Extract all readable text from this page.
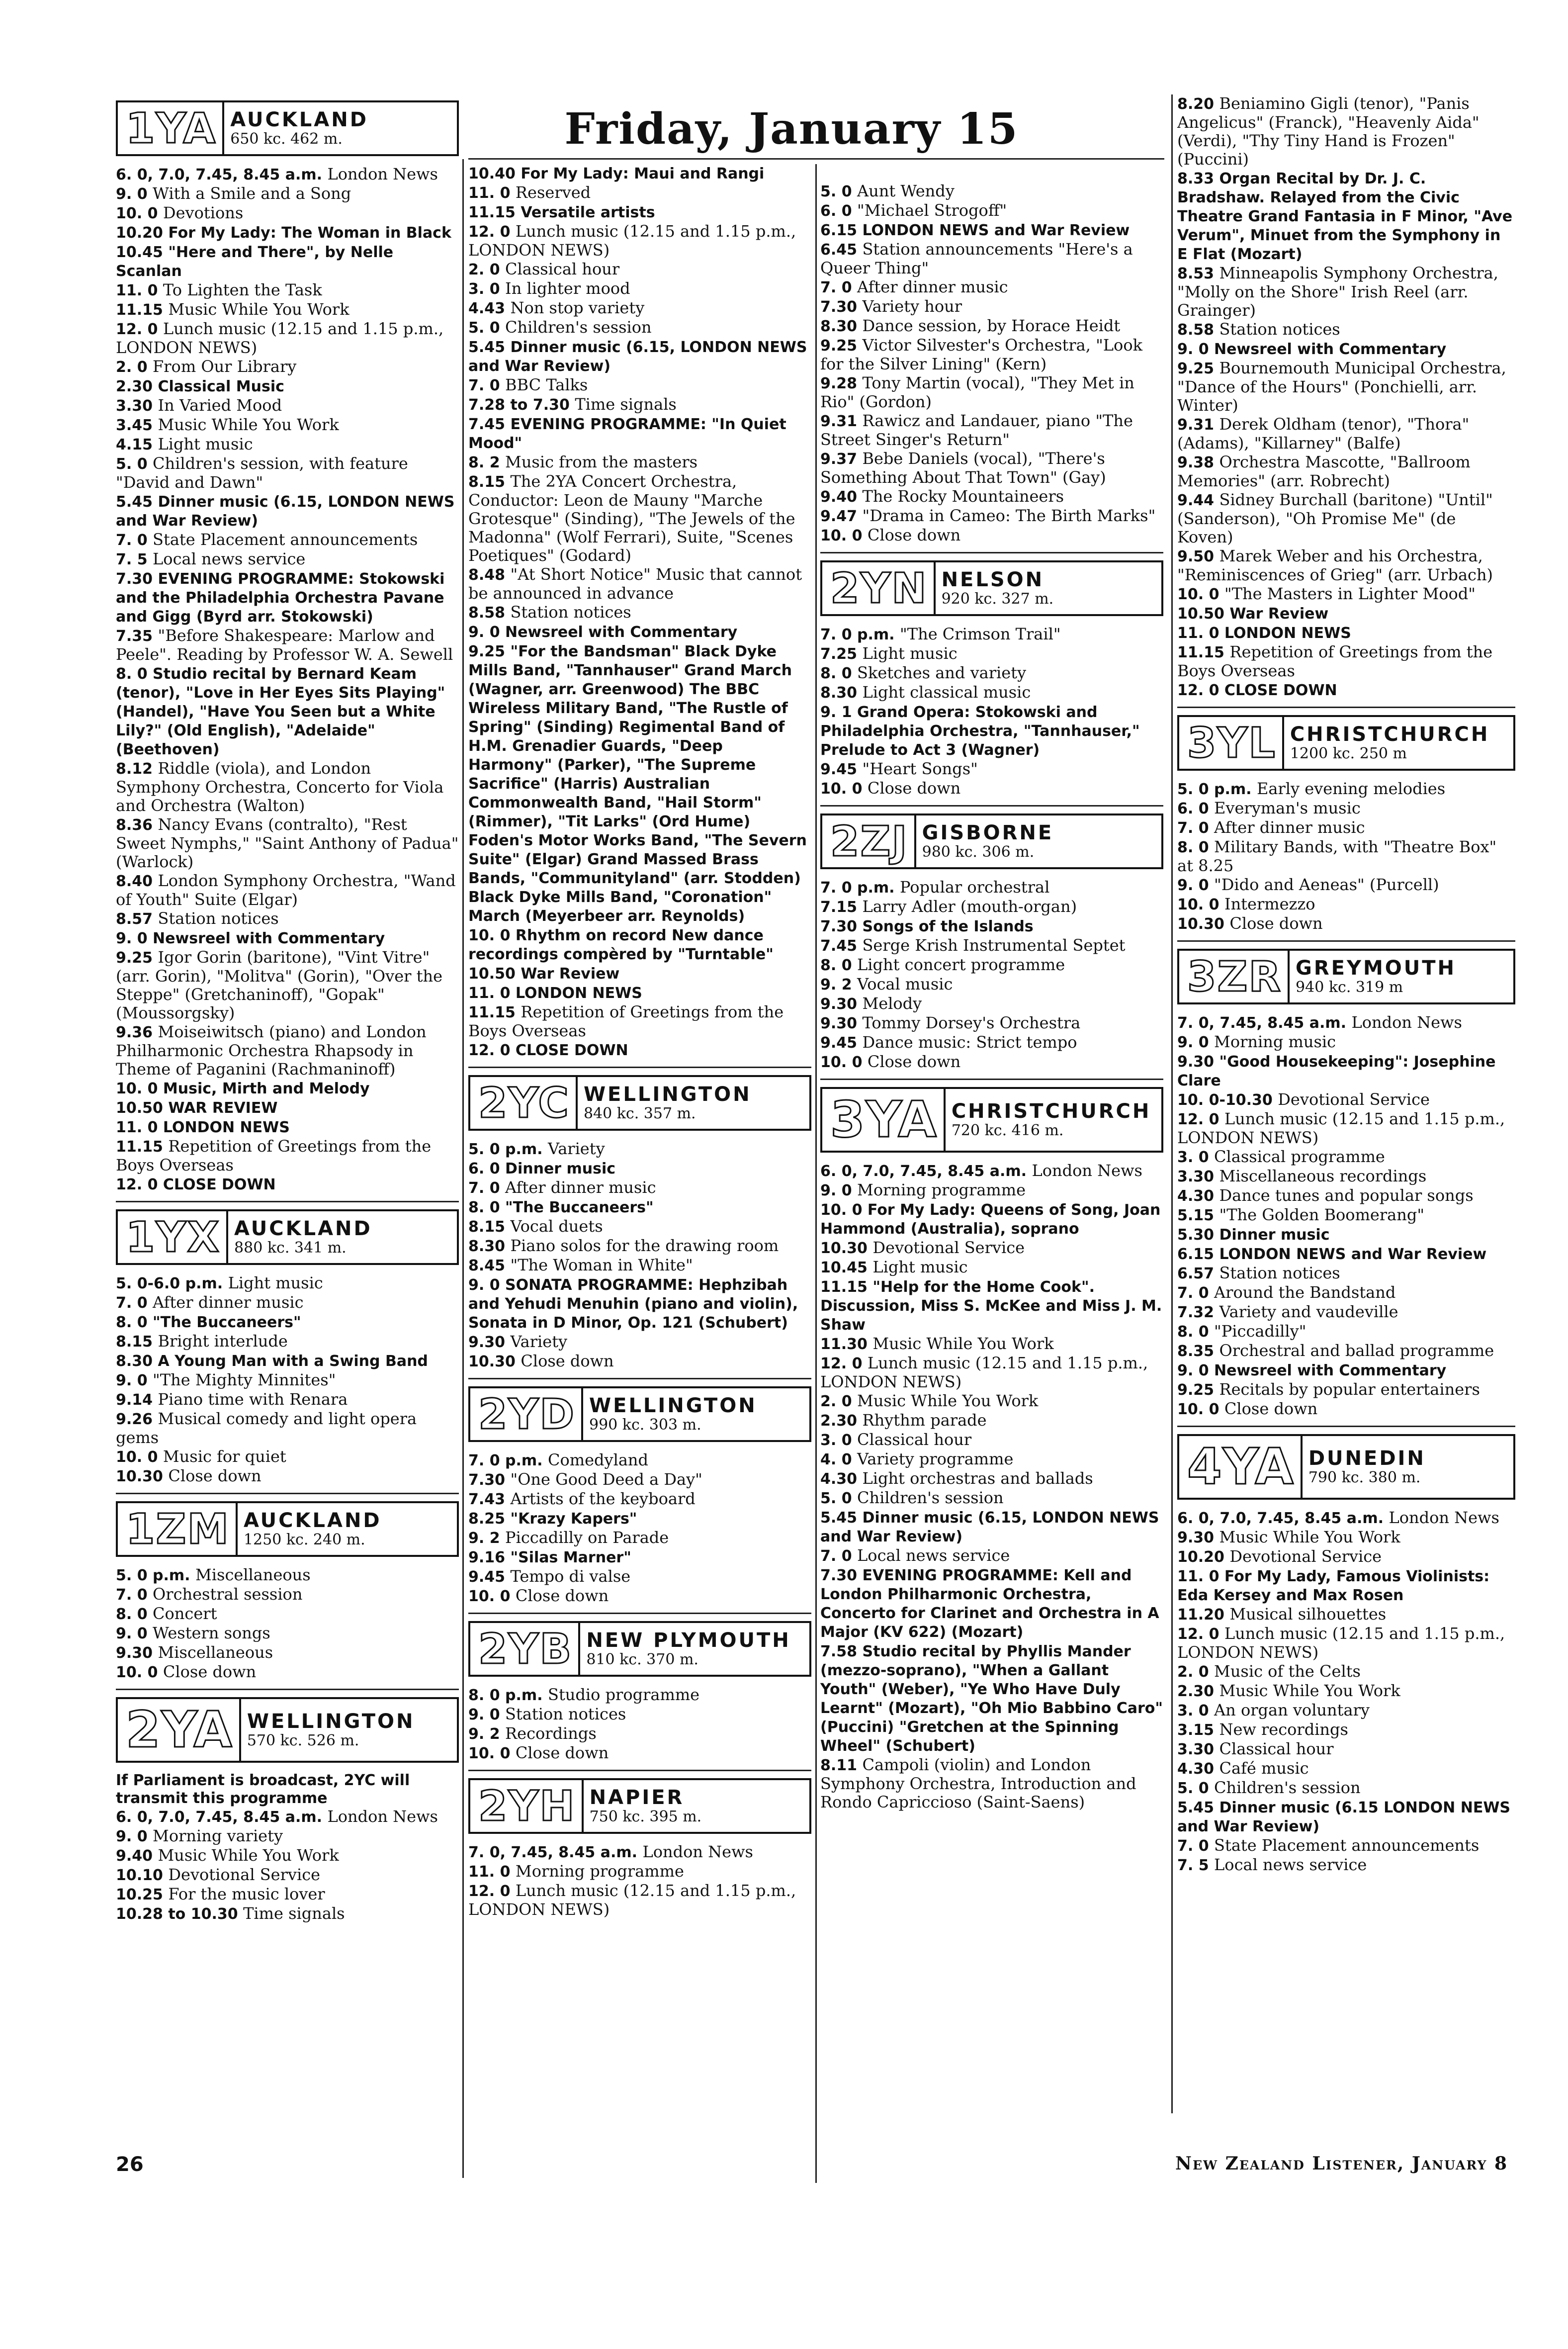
Friday, January 15
1YA AUCKLAND
650 kc. 462 m.
6. 0, 7.0, 7.45, 8.45 a.m. London News
9. 0 With a Smile and a Song
10. 0 Devotions
10.20 For My Lady: The Woman in Black
10.45 "Here and There", by Nelle Scanlan
11. 0 To Lighten the Task
11.15 Music While You Work
12. 0 Lunch music (12.15 and 1.15 p.m., LONDON NEWS)
2. 0 From Our Library
2.30 Classical Music
3.30 In Varied Mood
3.45 Music While You Work
4.15 Light music
5. 0 Children's session, with feature "David and Dawn"
5.45 Dinner music (6.15, LONDON NEWS and War Review)
7. 0 State Placement announcements
7. 5 Local news service
7.30 EVENING PROGRAMME: Stokowski and the Philadelphia Orchestra Pavane and Gigg (Byrd arr. Stokowski)
7.35 "Before Shakespeare: Marlow and Peele". Reading by Professor W. A. Sewell
8. 0 Studio recital by Bernard Keam (tenor), "Love in Her Eyes Sits Playing" (Handel), "Have You Seen but a White Lily?" (Old English), "Adelaide" (Beethoven)
8.12 Riddle (viola), and London Symphony Orchestra, Concerto for Viola and Orchestra (Walton)
8.36 Nancy Evans (contralto), "Rest Sweet Nymphs," "Saint Anthony of Padua" (Warlock)
8.40 London Symphony Orchestra, "Wand of Youth" Suite (Elgar)
8.57 Station notices
9. 0 Newsreel with Commentary
9.25 Igor Gorin (baritone), "Vint Vitre" (arr. Gorin), "Molitva" (Gorin), "Over the Steppe" (Gretchaninoff), "Gopak" (Moussorgsky)
9.36 Moiseiwitsch (piano) and London Philharmonic Orchestra Rhapsody in Theme of Paganini (Rachmaninoff)
10. 0 Music, Mirth and Melody
10.50 WAR REVIEW
11. 0 LONDON NEWS
11.15 Repetition of Greetings from the Boys Overseas
12. 0 CLOSE DOWN
1YX AUCKLAND
880 kc. 341 m.
5. 0-6.0 p.m. Light music
7. 0 After dinner music
8. 0 "The Buccaneers"
8.15 Bright interlude
8.30 A Young Man with a Swing Band
9. 0 "The Mighty Minnites"
9.14 Piano time with Renara
9.26 Musical comedy and light opera gems
10. 0 Music for quiet
10.30 Close down
1ZM AUCKLAND
1250 kc. 240 m.
5. 0 p.m. Miscellaneous
7. 0 Orchestral session
8. 0 Concert
9. 0 Western songs
9.30 Miscellaneous
10. 0 Close down
2YA WELLINGTON
570 kc. 526 m.
If Parliament is broadcast, 2YC will transmit this programme
6. 0, 7.0, 7.45, 8.45 a.m. London News
9. 0 Morning variety
9.40 Music While You Work
10.10 Devotional Service
10.25 For the music lover
10.28 to 10.30 Time signals
10.40 For My Lady: Maui and Rangi
11. 0 Reserved
11.15 Versatile artists
12. 0 Lunch music (12.15 and 1.15 p.m., LONDON NEWS)
2. 0 Classical hour
3. 0 In lighter mood
4.43 Non stop variety
5. 0 Children's session
5.45 Dinner music (6.15, LONDON NEWS and War Review)
7. 0 BBC Talks
7.28 to 7.30 Time signals
7.45 EVENING PROGRAMME: "In Quiet Mood"
8. 2 Music from the masters
8.15 The 2YA Concert Orchestra, Conductor: Leon de Mauny "Marche Grotesque" (Sinding), "The Jewels of the Madonna" (Wolf Ferrari), Suite, "Scenes Poetiques" (Godard)
8.48 "At Short Notice" Music that cannot be announced in advance
8.58 Station notices
9. 0 Newsreel with Commentary
9.25 "For the Bandsman" Black Dyke Mills Band, "Tannhauser" Grand March (Wagner, arr. Greenwood) The BBC Wireless Military Band, "The Rustle of Spring" (Sinding) Regimental Band of H.M. Grenadier Guards, "Deep Harmony" (Parker), "The Supreme Sacrifice" (Harris) Australian Commonwealth Band, "Hail Storm" (Rimmer), "Tit Larks" (Ord Hume) Foden's Motor Works Band, "The Severn Suite" (Elgar) Grand Massed Brass Bands, "Communityland" (arr. Stodden) Black Dyke Mills Band, "Coronation" March (Meyerbeer arr. Reynolds)
10. 0 Rhythm on record New dance recordings compèred by "Turntable"
10.50 War Review
11. 0 LONDON NEWS
11.15 Repetition of Greetings from the Boys Overseas
12. 0 CLOSE DOWN
2YC WELLINGTON
840 kc. 357 m.
5. 0 p.m. Variety
6. 0 Dinner music
7. 0 After dinner music
8. 0 "The Buccaneers"
8.15 Vocal duets
8.30 Piano solos for the drawing room
8.45 "The Woman in White"
9. 0 SONATA PROGRAMME: Hephzibah and Yehudi Menuhin (piano and violin), Sonata in D Minor, Op. 121 (Schubert)
9.30 Variety
10.30 Close down
2YD WELLINGTON
990 kc. 303 m.
7. 0 p.m. Comedyland
7.30 "One Good Deed a Day"
7.43 Artists of the keyboard
8.25 "Krazy Kapers"
9. 2 Piccadilly on Parade
9.16 "Silas Marner"
9.45 Tempo di valse
10. 0 Close down
2YB NEW PLYMOUTH
810 kc. 370 m.
8. 0 p.m. Studio programme
9. 0 Station notices
9. 2 Recordings
10. 0 Close down
2YH NAPIER
750 kc. 395 m.
7. 0, 7.45, 8.45 a.m. London News
11. 0 Morning programme
12. 0 Lunch music (12.15 and 1.15 p.m., LONDON NEWS)
5. 0 Aunt Wendy
6. 0 "Michael Strogoff"
6.15 LONDON NEWS and War Review
6.45 Station announcements "Here's a Queer Thing"
7. 0 After dinner music
7.30 Variety hour
8.30 Dance session, by Horace Heidt
9.25 Victor Silvester's Orchestra, "Look for the Silver Lining" (Kern)
9.28 Tony Martin (vocal), "They Met in Rio" (Gordon)
9.31 Rawicz and Landauer, piano "The Street Singer's Return"
9.37 Bebe Daniels (vocal), "There's Something About That Town" (Gay)
9.40 The Rocky Mountaineers
9.47 "Drama in Cameo: The Birth Marks"
10. 0 Close down
2YN NELSON
920 kc. 327 m.
7. 0 p.m. "The Crimson Trail"
7.25 Light music
8. 0 Sketches and variety
8.30 Light classical music
9. 1 Grand Opera: Stokowski and Philadelphia Orchestra, "Tannhauser," Prelude to Act 3 (Wagner)
9.45 "Heart Songs"
10. 0 Close down
2ZJ GISBORNE
980 kc. 306 m.
7. 0 p.m. Popular orchestral
7.15 Larry Adler (mouth-organ)
7.30 Songs of the Islands
7.45 Serge Krish Instrumental Septet
8. 0 Light concert programme
9. 2 Vocal music
9.30 Melody
9.30 Tommy Dorsey's Orchestra
9.45 Dance music: Strict tempo
10. 0 Close down
3YA CHRISTCHURCH
720 kc. 416 m.
6. 0, 7.0, 7.45, 8.45 a.m. London News
9. 0 Morning programme
10. 0 For My Lady: Queens of Song, Joan Hammond (Australia), soprano
10.30 Devotional Service
10.45 Light music
11.15 "Help for the Home Cook". Discussion, Miss S. McKee and Miss J. M. Shaw
11.30 Music While You Work
12. 0 Lunch music (12.15 and 1.15 p.m., LONDON NEWS)
2. 0 Music While You Work
2.30 Rhythm parade
3. 0 Classical hour
4. 0 Variety programme
4.30 Light orchestras and ballads
5. 0 Children's session
5.45 Dinner music (6.15, LONDON NEWS and War Review)
7. 0 Local news service
7.30 EVENING PROGRAMME: Kell and London Philharmonic Orchestra, Concerto for Clarinet and Orchestra in A Major (KV 622) (Mozart)
7.58 Studio recital by Phyllis Mander (mezzo-soprano), "When a Gallant Youth" (Weber), "Ye Who Have Duly Learnt" (Mozart), "Oh Mio Babbino Caro" (Puccini) "Gretchen at the Spinning Wheel" (Schubert)
8.11 Campoli (violin) and London Symphony Orchestra, Introduction and Rondo Capriccioso (Saint-Saens)
8.20 Beniamino Gigli (tenor), "Panis Angelicus" (Franck), "Heavenly Aida" (Verdi), "Thy Tiny Hand is Frozen" (Puccini)
8.33 Organ Recital by Dr. J. C. Bradshaw. Relayed from the Civic Theatre Grand Fantasia in F Minor, "Ave Verum", Minuet from the Symphony in E Flat (Mozart)
8.53 Minneapolis Symphony Orchestra, "Molly on the Shore" Irish Reel (arr. Grainger)
8.58 Station notices
9. 0 Newsreel with Commentary
9.25 Bournemouth Municipal Orchestra, "Dance of the Hours" (Ponchielli, arr. Winter)
9.31 Derek Oldham (tenor), "Thora" (Adams), "Killarney" (Balfe)
9.38 Orchestra Mascotte, "Ballroom Memories" (arr. Robrecht)
9.44 Sidney Burchall (baritone) "Until" (Sanderson), "Oh Promise Me" (de Koven)
9.50 Marek Weber and his Orchestra, "Reminiscences of Grieg" (arr. Urbach)
10. 0 "The Masters in Lighter Mood"
10.50 War Review
11. 0 LONDON NEWS
11.15 Repetition of Greetings from the Boys Overseas
12. 0 CLOSE DOWN
3YL CHRISTCHURCH
1200 kc. 250 m
5. 0 p.m. Early evening melodies
6. 0 Everyman's music
7. 0 After dinner music
8. 0 Military Bands, with "Theatre Box" at 8.25
9. 0 "Dido and Aeneas" (Purcell)
10. 0 Intermezzo
10.30 Close down
3ZR GREYMOUTH
940 kc. 319 m
7. 0, 7.45, 8.45 a.m. London News
9. 0 Morning music
9.30 "Good Housekeeping": Josephine Clare
10. 0-10.30 Devotional Service
12. 0 Lunch music (12.15 and 1.15 p.m., LONDON NEWS)
3. 0 Classical programme
3.30 Miscellaneous recordings
4.30 Dance tunes and popular songs
5.15 "The Golden Boomerang"
5.30 Dinner music
6.15 LONDON NEWS and War Review
6.57 Station notices
7. 0 Around the Bandstand
7.32 Variety and vaudeville
8. 0 "Piccadilly"
8.35 Orchestral and ballad programme
9. 0 Newsreel with Commentary
9.25 Recitals by popular entertainers
10. 0 Close down
4YA DUNEDIN
790 kc. 380 m.
6. 0, 7.0, 7.45, 8.45 a.m. London News
9.30 Music While You Work
10.20 Devotional Service
11. 0 For My Lady, Famous Violinists: Eda Kersey and Max Rosen
11.20 Musical silhouettes
12. 0 Lunch music (12.15 and 1.15 p.m., LONDON NEWS)
2. 0 Music of the Celts
2.30 Music While You Work
3. 0 An organ voluntary
3.15 New recordings
3.30 Classical hour
4.30 Café music
5. 0 Children's session
5.45 Dinner music (6.15 LONDON NEWS and War Review)
7. 0 State Placement announcements
7. 5 Local news service
26	New Zealand Listener, January 8
